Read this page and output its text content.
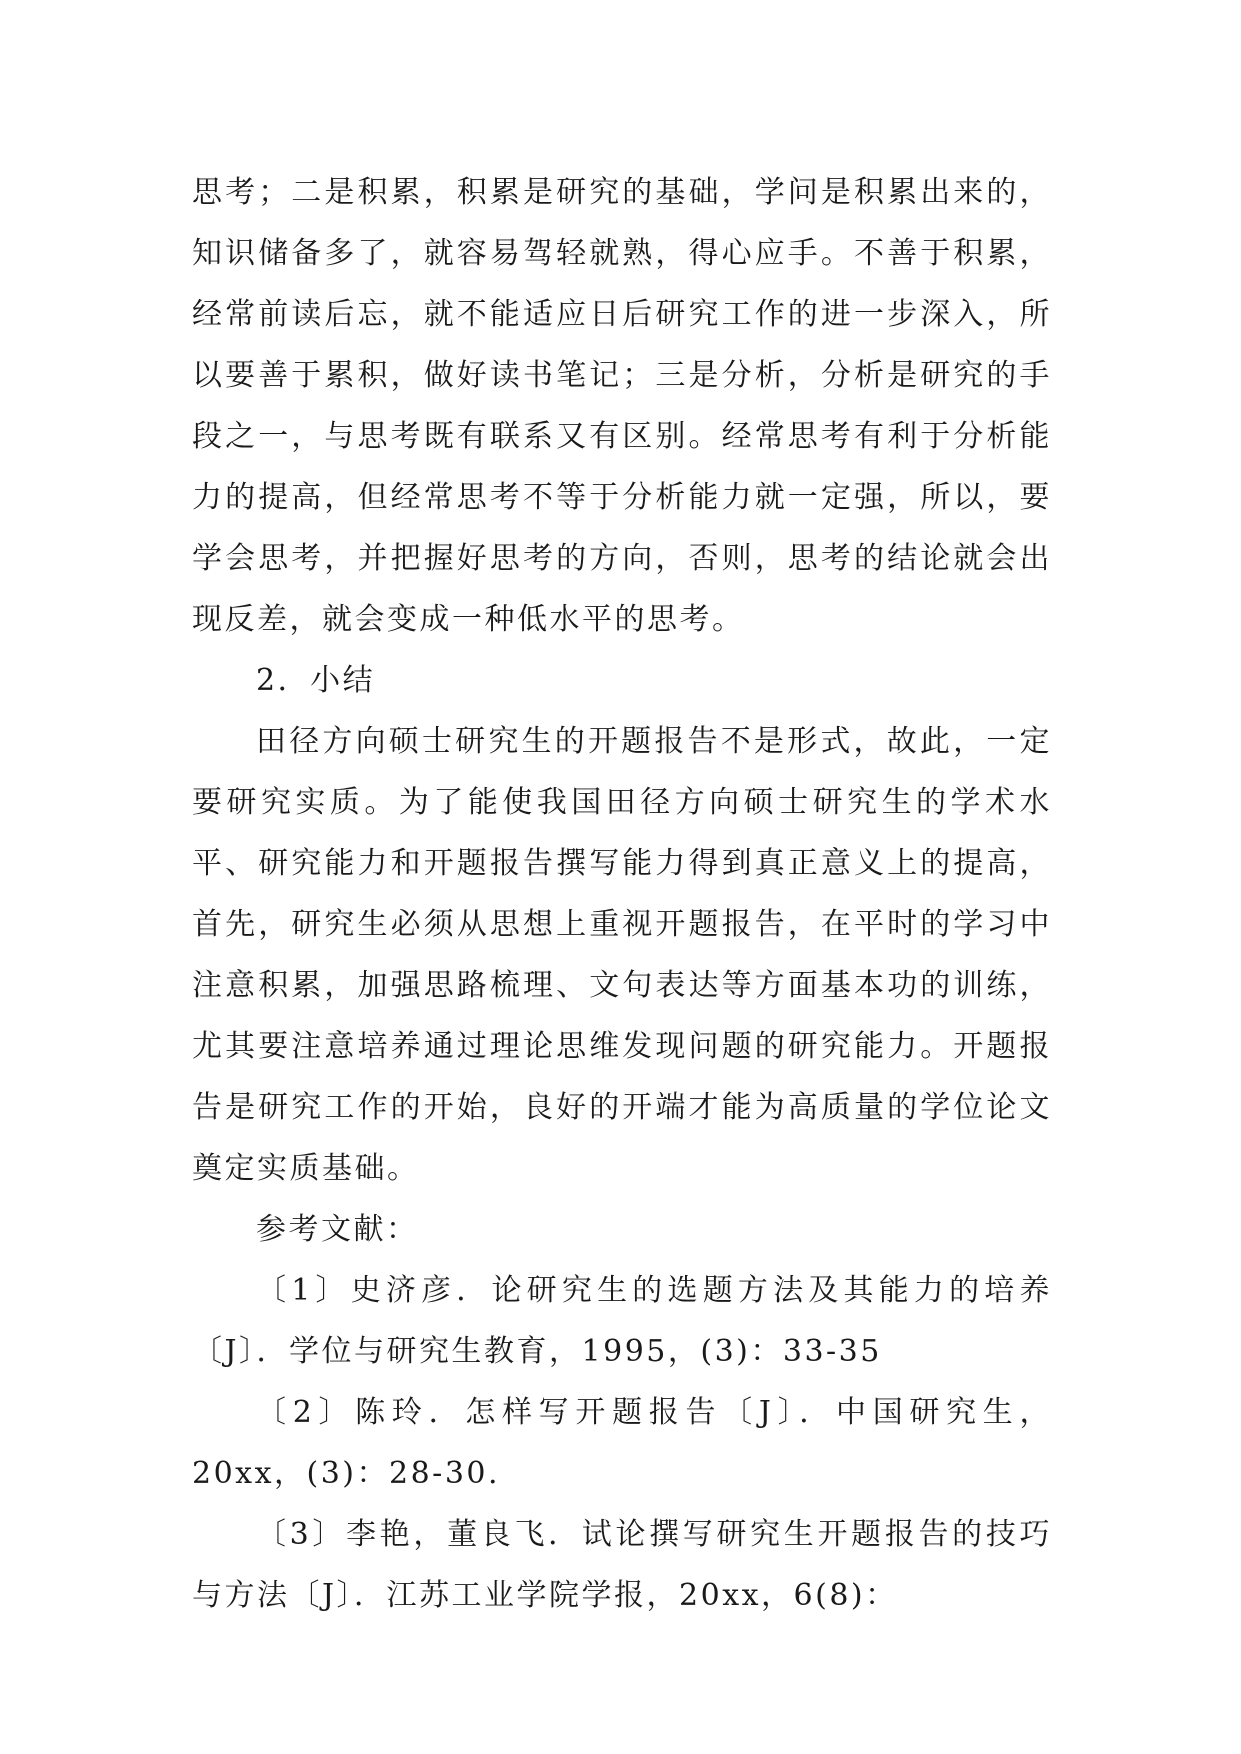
思考；二是积累，积累是研究的基础，学问是积累出来的，知识储备多了，就容易驾轻就熟，得心应手。不善于积累，经常前读后忘，就不能适应日后研究工作的进一步深入，所以要善于累积，做好读书笔记；三是分析，分析是研究的手段之一，与思考既有联系又有区别。经常思考有利于分析能力的提高，但经常思考不等于分析能力就一定强，所以，要学会思考，并把握好思考的方向，否则，思考的结论就会出现反差，就会变成一种低水平的思考。

2．小结

田径方向硕士研究生的开题报告不是形式，故此，一定要研究实质。为了能使我国田径方向硕士研究生的学术水平、研究能力和开题报告撰写能力得到真正意义上的提高，首先，研究生必须从思想上重视开题报告，在平时的学习中注意积累，加强思路梳理、文句表达等方面基本功的训练，尤其要注意培养通过理论思维发现问题的研究能力。开题报告是研究工作的开始，良好的开端才能为高质量的学位论文奠定实质基础。

参考文献：

〔1〕史济彦．论研究生的选题方法及其能力的培养〔J〕．学位与研究生教育，1995，(3)：33-35

〔2〕陈玲．怎样写开题报告〔J〕．中国研究生，20xx，(3)：28-30.

〔3〕李艳，董良飞．试论撰写研究生开题报告的技巧与方法〔J〕．江苏工业学院学报，20xx，6(8)：
